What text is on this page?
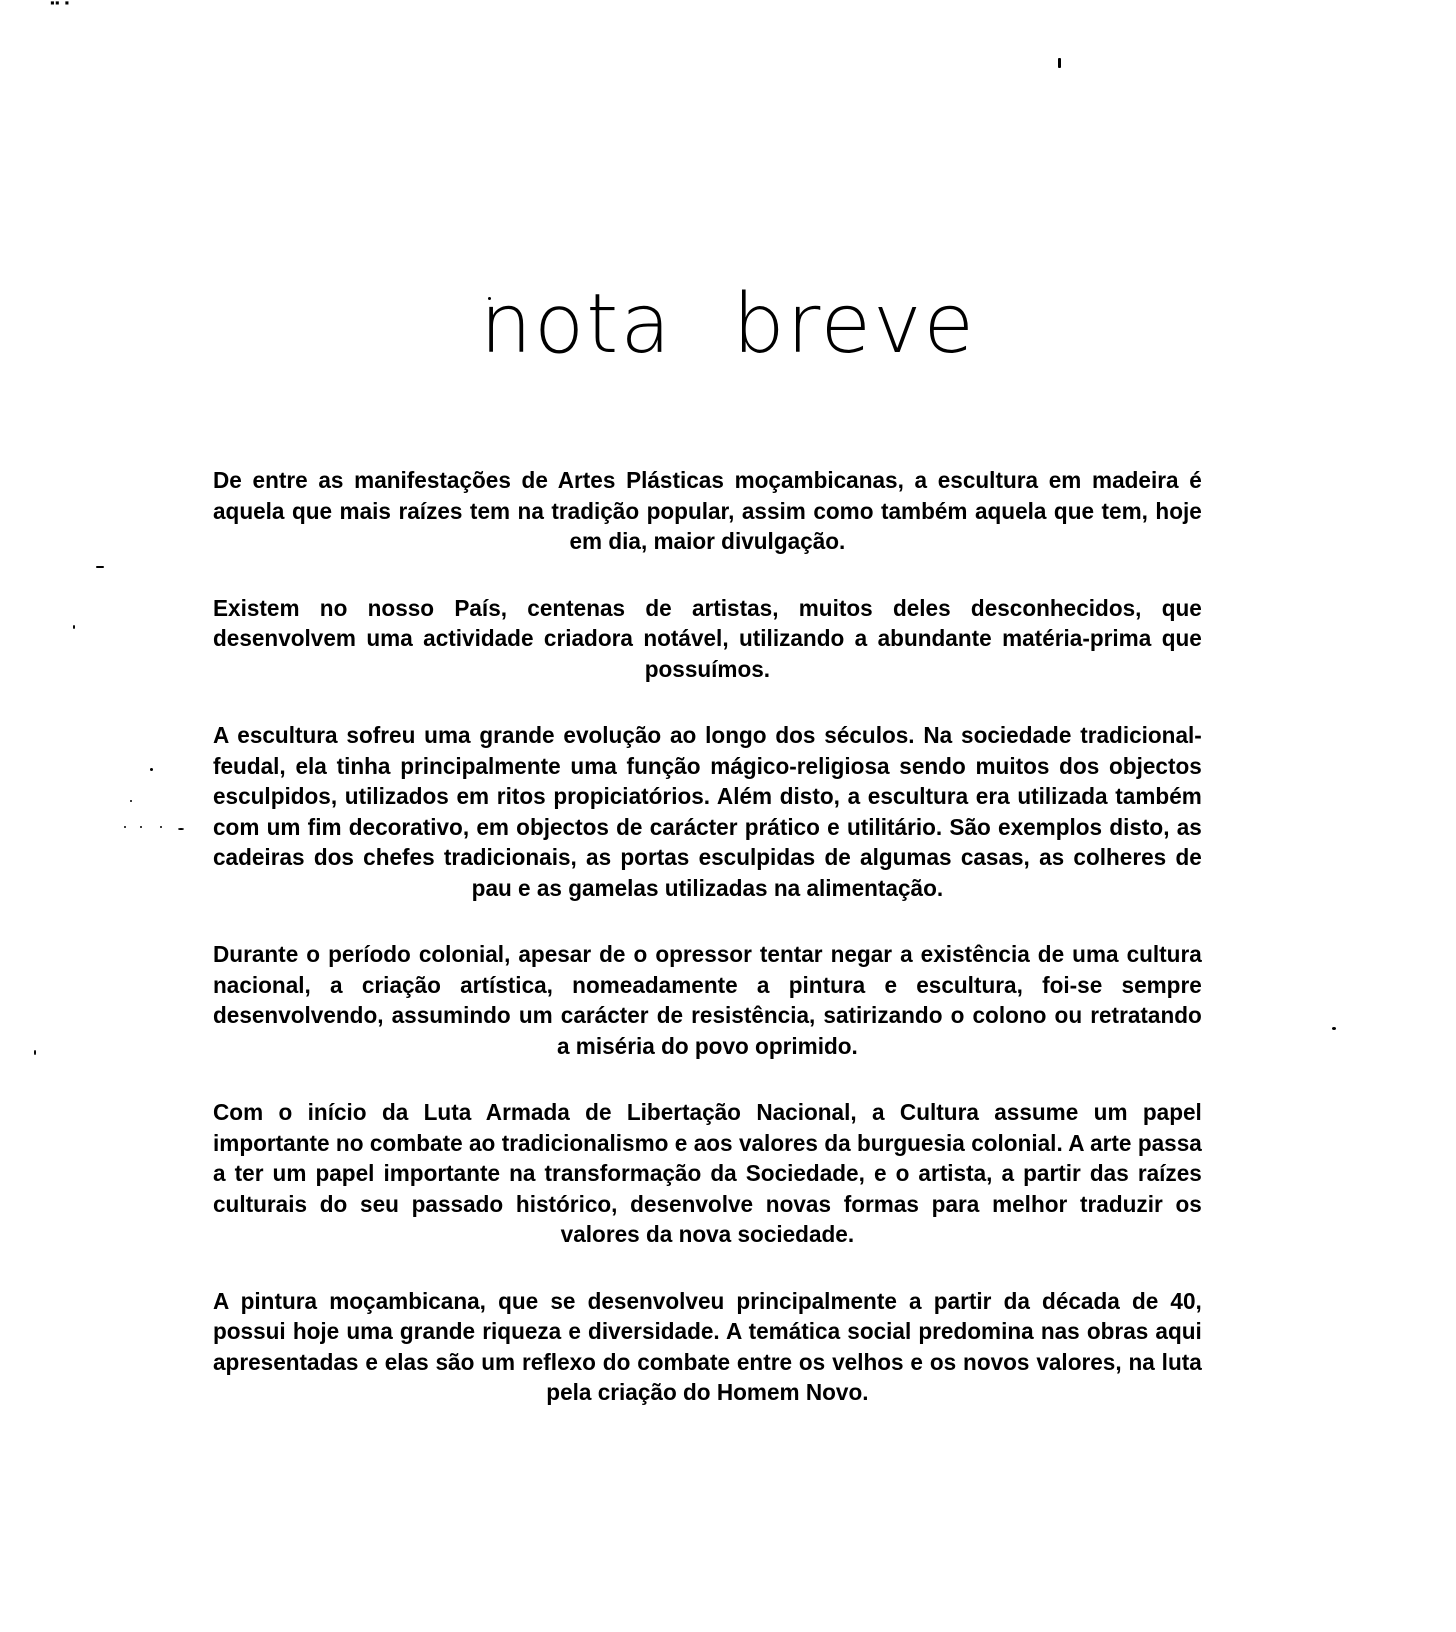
▪▪ ▪
nota breve

De entre as manifestações de Artes Plásticas moçambicanas, a escultura em madeira é aquela que mais raízes tem na tradição popular, assim como também aquela que tem, hoje em dia, maior divulgação.

Existem no nosso País, centenas de artistas, muitos deles desconhecidos, que desenvolvem uma actividade criadora notável, utilizando a abundante matéria-prima que possuímos.

A escultura sofreu uma grande evolução ao longo dos séculos. Na sociedade tradicional-feudal, ela tinha principalmente uma função mágico-religiosa sendo muitos dos objectos esculpidos, utilizados em ritos propiciatórios. Além disto, a escultura era utilizada também com um fim decorativo, em objectos de carácter prático e utilitário. São exemplos disto, as cadeiras dos chefes tradicionais, as portas esculpidas de algumas casas, as colheres de pau e as gamelas utilizadas na alimentação.

Durante o período colonial, apesar de o opressor tentar negar a existência de uma cultura nacional, a criação artística, nomeadamente a pintura e escultura, foi-se sempre desenvolvendo, assumindo um carácter de resistência, satirizando o colono ou retratando a miséria do povo oprimido.

Com o início da Luta Armada de Libertação Nacional, a Cultura assume um papel importante no combate ao tradicionalismo e aos valores da burguesia colonial. A arte passa a ter um papel importante na transformação da Sociedade, e o artista, a partir das raízes culturais do seu passado histórico, desenvolve novas formas para melhor traduzir os valores da nova sociedade.

A pintura moçambicana, que se desenvolveu principalmente a partir da década de 40, possui hoje uma grande riqueza e diversidade. A temática social predomina nas obras aqui apresentadas e elas são um reflexo do combate entre os velhos e os novos valores, na luta pela criação do Homem Novo.
